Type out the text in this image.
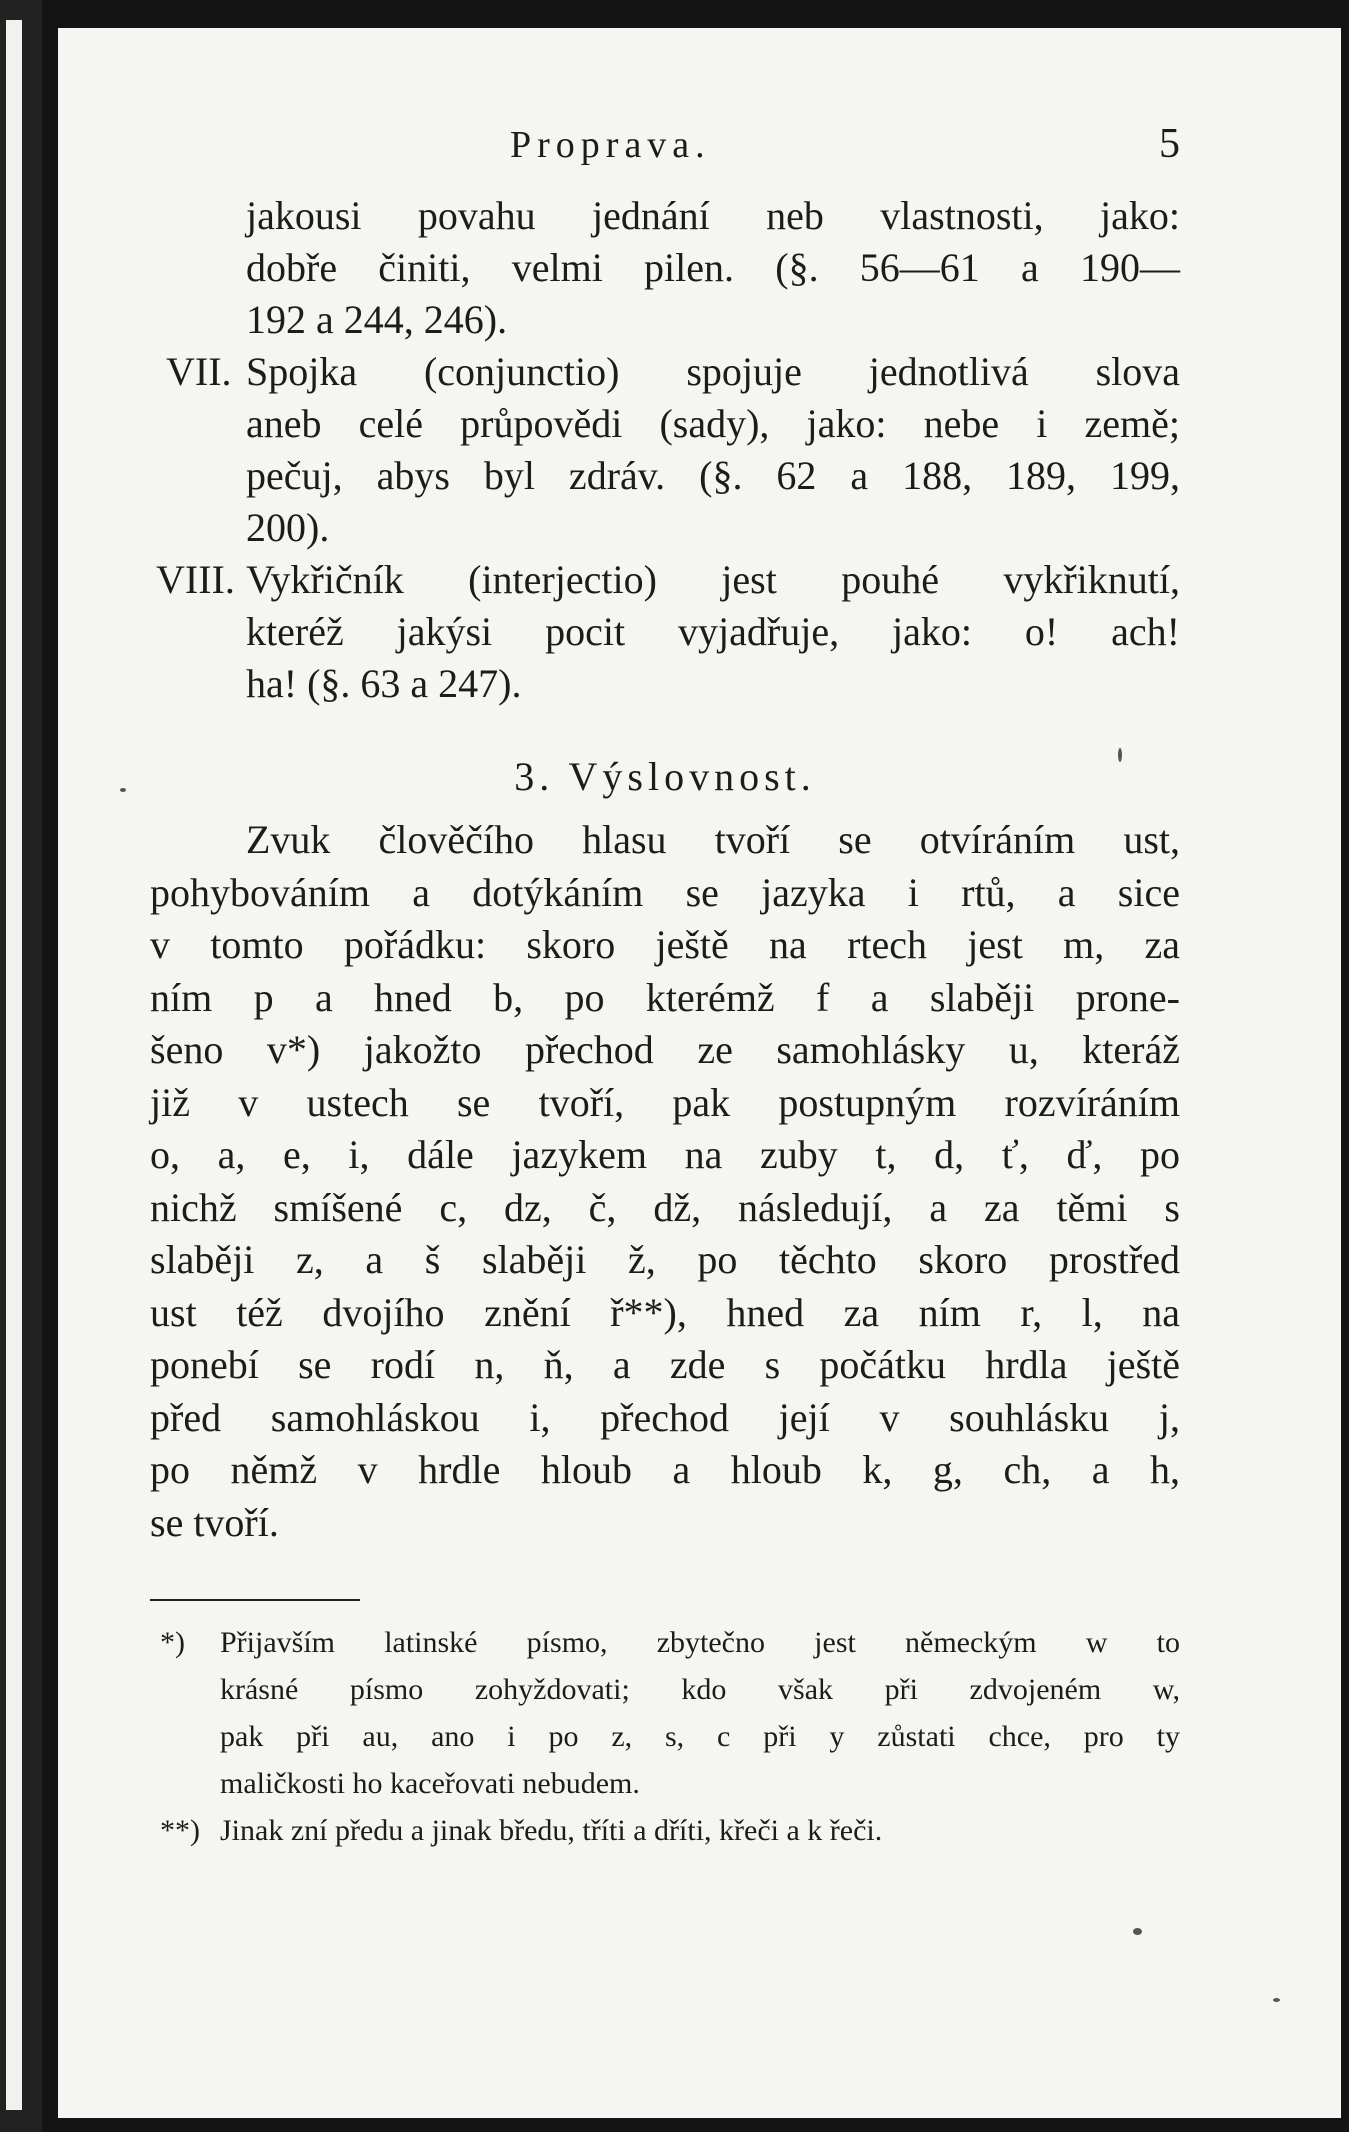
Proprava.	5

jakousi povahu jednání neb vlastnosti, jako:
dobře činiti, velmi pilen. (§. 56—61 a 190—
192 a 244, 246).

VII. Spojka (conjunctio) spojuje jednotlivá slova
aneb celé průpovědi (sady), jako: nebe i země;
pečuj, abys byl zdráv. (§. 62 a 188, 189, 199,
200).
VIII. Vykřičník (interjectio) jest pouhé vykřiknutí,
kteréž jakýsi pocit vyjadřuje, jako: o! ach!
ha! (§. 63 a 247).
3. Výslovnost.

Zvuk člověčího hlasu tvoří se otvíráním ust,
pohybováním a dotýkáním se jazyka i rtů, a sice
v tomto pořádku: skoro ještě na rtech jest m, za
ním p a hned b, po kterémž f a slaběji prone-
šeno v*) jakožto přechod ze samohlásky u, kteráž
již v ustech se tvoří, pak postupným rozvíráním
o, a, e, i, dále jazykem na zuby t, d, ť, ď, po
nichž smíšené c, dz, č, dž, následují, a za těmi s
slaběji z, a š slaběji ž, po těchto skoro prostřed
ust též dvojího znění ř**), hned za ním r, l, na
ponebí se rodí n, ň, a zde s počátku hrdla ještě
před samohláskou i, přechod její v souhlásku j,
po němž v hrdle hloub a hloub k, g, ch, a h,
se tvoří.

*) Přijavším latinské písmo, zbytečno jest německým w to
krásné písmo zohyždovati; kdo však při zdvojeném w,
pak při au, ano i po z, s, c při y zůstati chce, pro ty
maličkosti ho kaceřovati nebudem.
**) Jinak zní předu a jinak bředu, tříti a dříti, křeči a k řeči.
